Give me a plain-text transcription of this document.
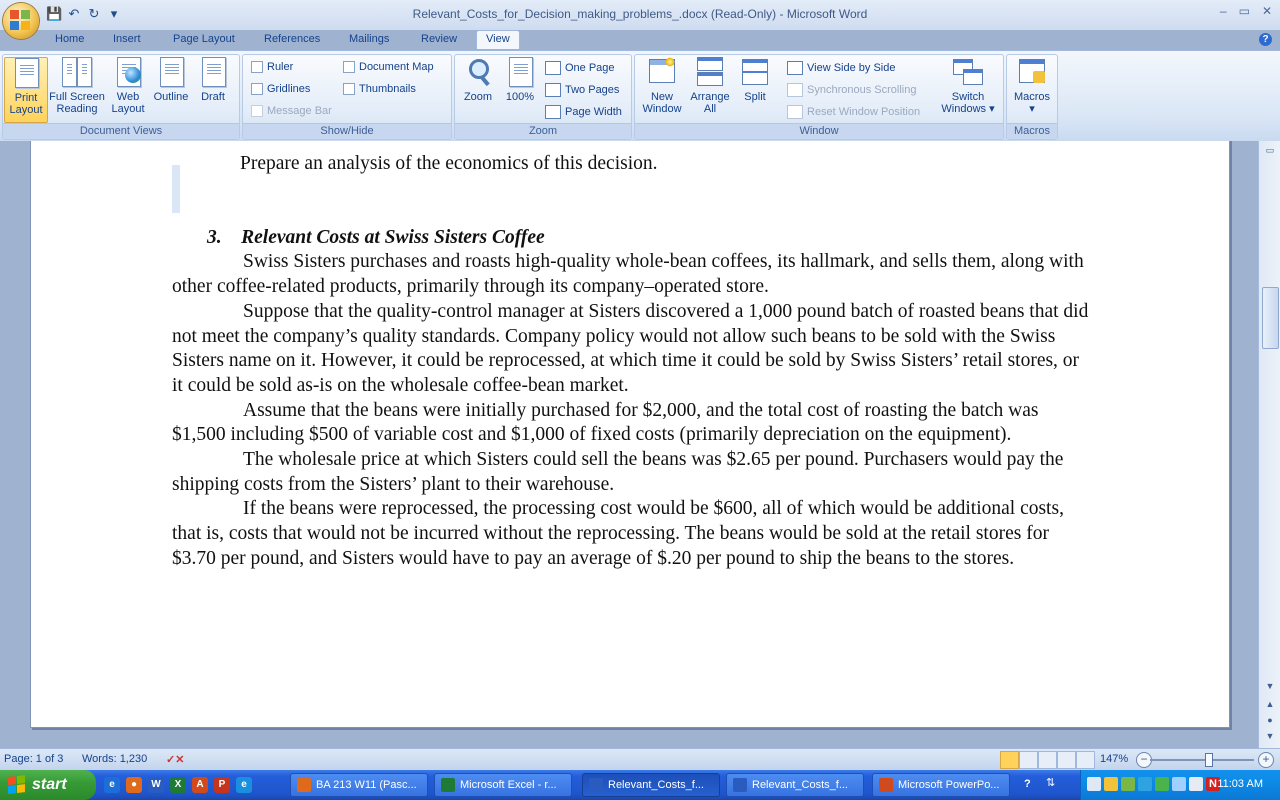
💾 ↶ ↻ ▾	Relevant_Costs_for_Decision_making_problems_.docx (Read-Only) - Microsoft Word	– ▭ ✕
Home	Insert	Page Layout	References	Mailings	Review	View	?
Print
Layout
Full Screen
Reading
Web
Layout
Outline	Draft
Document Views
Ruler
Gridlines
Message Bar
Document Map
Thumbnails
Show/Hide
Zoom	100%
One Page
Two Pages
Page Width
Zoom
New
Window
Arrange
All
Split
View Side by Side
Synchronous Scrolling
Reset Window Position
Switch
Windows ▾
Window
Macros
▾
Macros

Prepare an analysis of the economics of this decision.

3.    Relevant Costs at Swiss Sisters Coffee

Swiss Sisters purchases and roasts high-quality whole-bean coffees, its hallmark, and sells them, along with other coffee-related products, primarily through its company–operated store.

Suppose that the quality-control manager at Sisters discovered a 1,000 pound batch of roasted beans that did not meet the company’s quality standards. Company policy would not allow such beans to be sold with the Swiss Sisters name on it. However, it could be reprocessed, at which time it could be sold by Swiss Sisters’ retail stores, or it could be sold as-is on the wholesale coffee-bean market.

Assume that the beans were initially purchased for $2,000, and the total cost of roasting the batch was $1,500 including $500 of variable cost and $1,000 of fixed costs (primarily depreciation on the equipment).

The wholesale price at which Sisters could sell the beans was $2.65 per pound. Purchasers would pay the shipping costs from the Sisters’ plant to their warehouse.

If the beans were reprocessed, the processing cost would be $600, all of which would be additional costs, that is, costs that would not be incurred without the reprocessing. The beans would be sold at the retail stores for $3.70 per pound, and Sisters would have to pay an average of $.20 per pound to ship the beans to the stores.

▭
▼
▲
●
▼
Page: 1 of 3 Words: 1,230 ✓✕	147%	−	+
start	e	●	W	X	A	P	e	BA 213 W11 (Pasc...	Microsoft Excel - r...	Relevant_Costs_f...	Relevant_Costs_f...	Microsoft PowerPo... ? ⇅	N 11:03 AM
